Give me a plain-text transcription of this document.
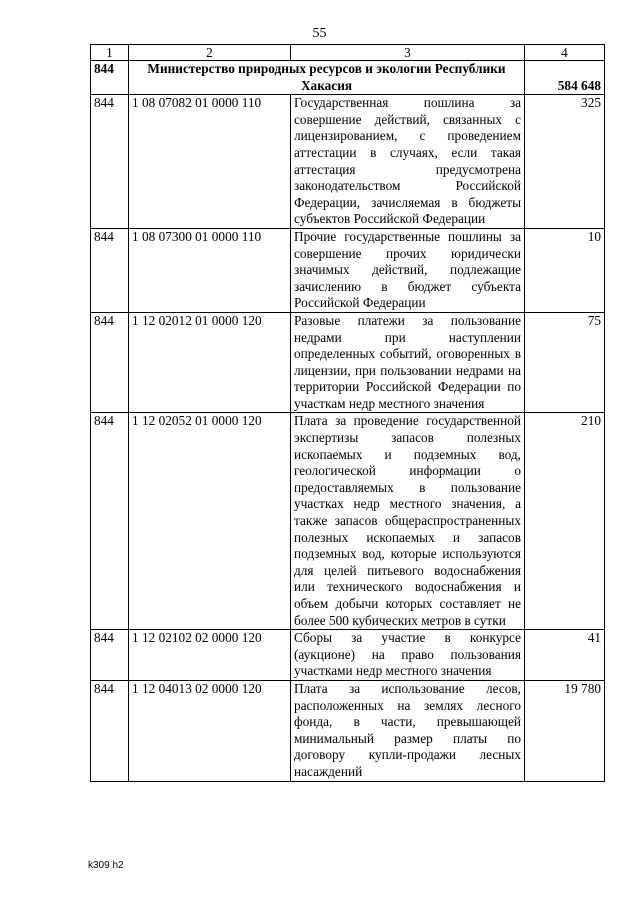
55
1	2	3	4
844	Министерство природных ресурсов и экологии Республики Хакасия		584 648
844	1 08 07082 01 0000 110	Государственная пошлина за совершение действий, связанных с лицензированием, с проведением аттестации в случаях, если такая аттестация предусмотрена законодательством Российской Федерации, зачисляемая в бюджеты субъектов Российской Федерации	325
844	1 08 07300 01 0000 110	Прочие государственные пошлины за совершение прочих юридически значимых действий, подлежащие зачислению в бюджет субъекта Российской Федерации	10
844	1 12 02012 01 0000 120	Разовые платежи за пользование недрами при наступлении определенных событий, оговоренных в лицензии, при пользовании недрами на территории Российской Федерации по участкам недр местного значения	75
844	1 12 02052 01 0000 120	Плата за проведение государственной экспертизы запасов полезных ископаемых и подземных вод, геологической информации о предоставляемых в пользование участках недр местного значения, а также запасов общераспространенных полезных ископаемых и запасов подземных вод, которые используются для целей питьевого водоснабжения или технического водоснабжения и объем добычи которых составляет не более 500 кубических метров в сутки	210
844	1 12 02102 02 0000 120	Сборы за участие в конкурсе (аукционе) на право пользования участками недр местного значения	41
844	1 12 04013 02 0000 120	Плата за использование лесов, расположенных на землях лесного фонда, в части, превышающей минимальный размер платы по договору купли-продажи лесных насаждений	19 780
k309 h2
